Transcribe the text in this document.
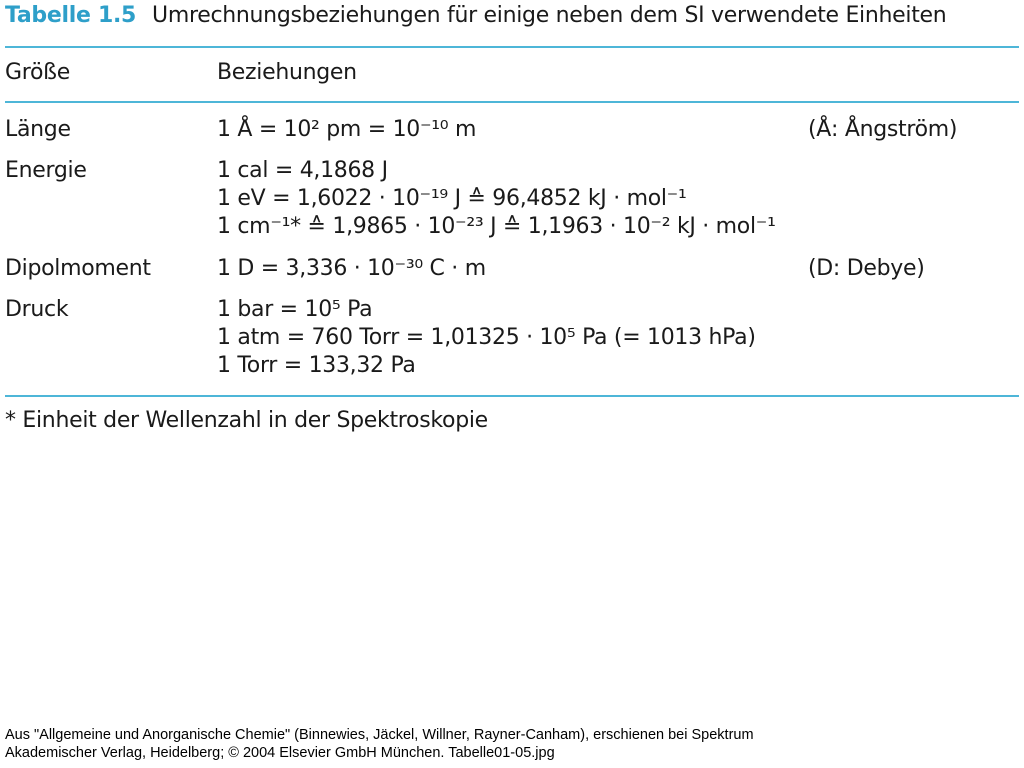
Tabelle 1.5 Umrechnungsbeziehungen für einige neben dem SI verwendete Einheiten
Größe	Beziehungen
Länge	1 Å = 10² pm = 10⁻¹⁰ m	(Å: Ångström)
Energie	1 cal = 4,1868 J
1 eV = 1,6022 · 10⁻¹⁹ J ≙ 96,4852 kJ · mol⁻¹
1 cm⁻¹* ≙ 1,9865 · 10⁻²³ J ≙ 1,1963 · 10⁻² kJ · mol⁻¹
Dipolmoment	1 D = 3,336 · 10⁻³⁰ C · m	(D: Debye)
Druck	1 bar = 10⁵ Pa
1 atm = 760 Torr = 1,01325 · 10⁵ Pa (= 1013 hPa)
1 Torr = 133,32 Pa
* Einheit der Wellenzahl in der Spektroskopie
Aus "Allgemeine und Anorganische Chemie" (Binnewies, Jäckel, Willner, Rayner-Canham), erschienen bei Spektrum
Akademischer Verlag, Heidelberg; © 2004 Elsevier GmbH München. Tabelle01-05.jpg
